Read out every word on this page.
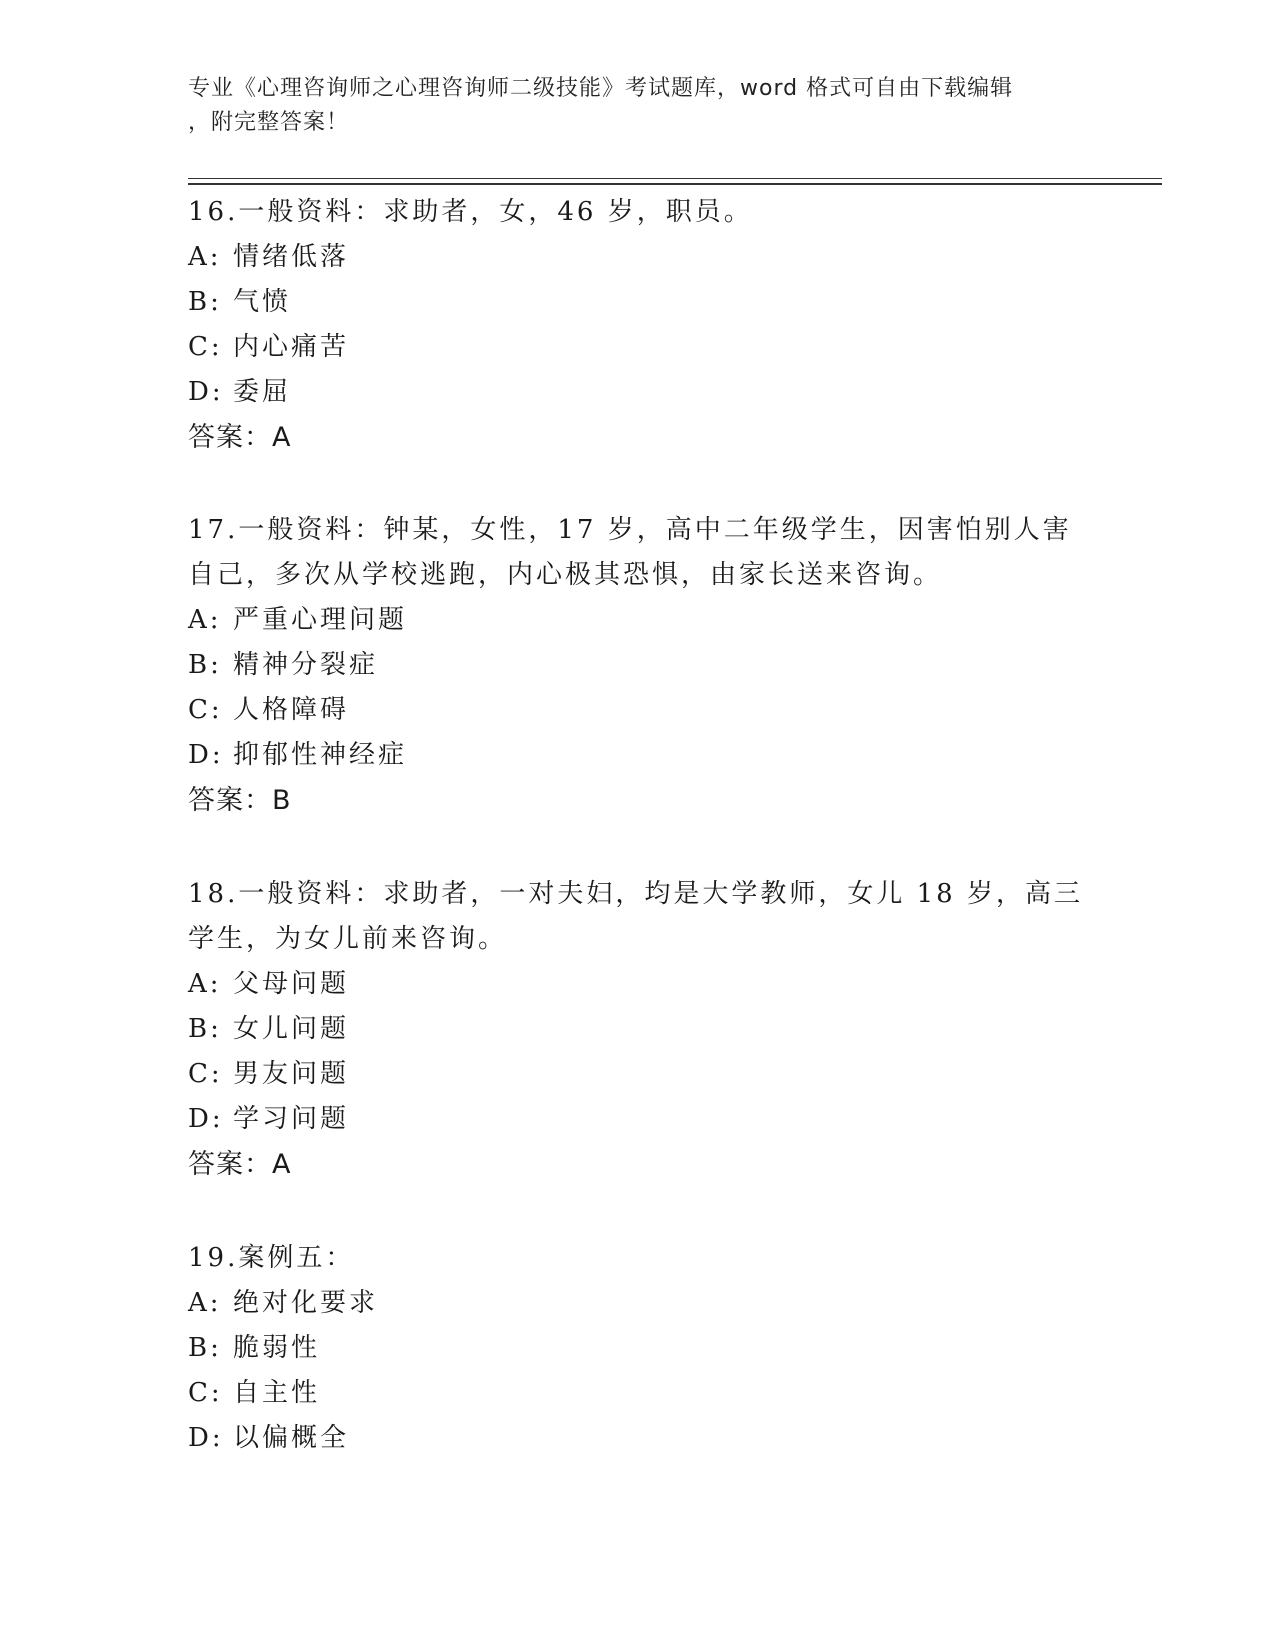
专业《心理咨询师之心理咨询师二级技能》考试题库，word 格式可自由下载编辑
，附完整答案！

16.一般资料：求助者，女，46 岁，职员。

A: 情绪低落

B: 气愤

C: 内心痛苦

D: 委屈

答案：A

17.一般资料：钟某，女性，17 岁，高中二年级学生，因害怕别人害自己，多次从学校逃跑，内心极其恐惧，由家长送来咨询。

A: 严重心理问题

B: 精神分裂症

C: 人格障碍

D: 抑郁性神经症

答案：B

18.一般资料：求助者，一对夫妇，均是大学教师，女儿 18 岁，高三学生，为女儿前来咨询。

A: 父母问题

B: 女儿问题

C: 男友问题

D: 学习问题

答案：A

19.案例五：

A: 绝对化要求

B: 脆弱性

C: 自主性

D: 以偏概全
